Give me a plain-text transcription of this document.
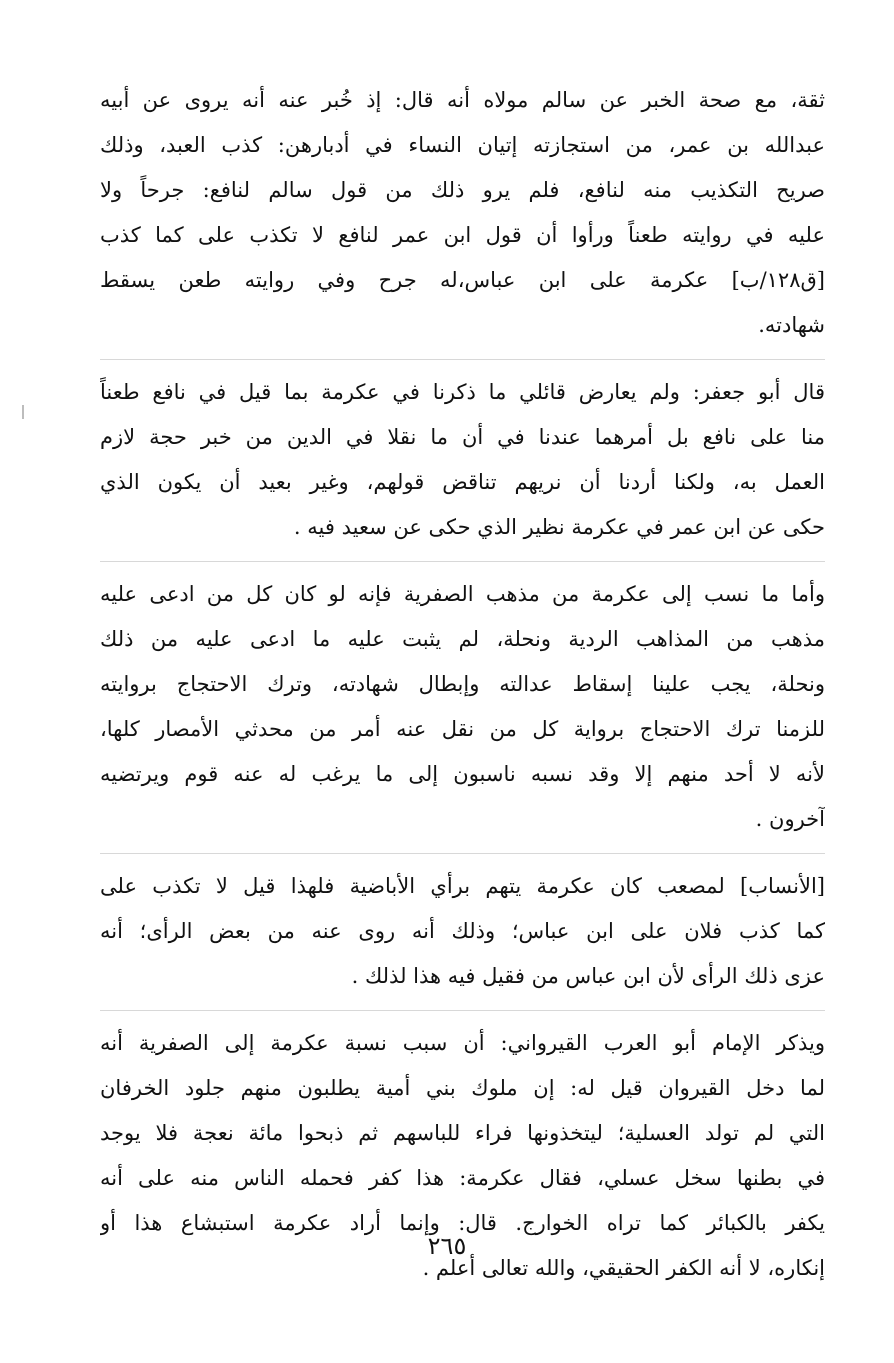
ثقة، مع صحة الخبر عن سالم مولاه أنه قال: إذ خُبر عنه أنه يروى عن أبيه
عبدالله بن عمر، من استجازته إتيان النساء في أدبارهن: كذب العبد، وذلك
صريح التكذيب منه لنافع، فلم يرو ذلك من قول سالم لنافع: جرحاً ولا
عليه في روايته طعناً ورأوا أن قول ابن عمر لنافع لا تكذب على كما كذب
[ق١٢٨/ب] عكرمة على ابن عباس،له جرح وفي روايته طعن يسقط
شهادته.

قال أبو جعفر: ولم يعارض قائلي ما ذكرنا في عكرمة بما قيل في نافع طعناً
منا على نافع بل أمرهما عندنا في أن ما نقلا في الدين من خبر حجة لازم
العمل به، ولكنا أردنا أن نريهم تناقض قولهم، وغير بعيد أن يكون الذي
حكى عن ابن عمر في عكرمة نظير الذي حكى عن سعيد فيه .

وأما ما نسب إلى عكرمة من مذهب الصفرية فإنه لو كان كل من ادعى عليه
مذهب من المذاهب الردية ونحلة، لم يثبت عليه ما ادعى عليه من ذلك
ونحلة، يجب علينا إسقاط عدالته وإبطال شهادته، وترك الاحتجاج بروايته
للزمنا ترك الاحتجاج برواية كل من نقل عنه أمر من محدثي الأمصار كلها،
لأنه لا أحد منهم إلا وقد نسبه ناسبون إلى ما يرغب له عنه قوم ويرتضيه
آخرون .

[الأنساب] لمصعب كان عكرمة يتهم برأي الأباضية فلهذا قيل لا تكذب على
كما كذب فلان على ابن عباس؛ وذلك أنه روى عنه من بعض الرأى؛ أنه
عزى ذلك الرأى لأن ابن عباس من فقيل فيه هذا لذلك .

ويذكر الإمام أبو العرب القيرواني: أن سبب نسبة عكرمة إلى الصفرية أنه
لما دخل القيروان قيل له: إن ملوك بني أمية يطلبون منهم جلود الخرفان
التي لم تولد العسلية؛ ليتخذونها فراء للباسهم ثم ذبحوا مائة نعجة فلا يوجد
في بطنها سخل عسلي، فقال عكرمة: هذا كفر فحمله الناس منه على أنه
يكفر بالكبائر كما تراه الخوارج. قال: وإنما أراد عكرمة استبشاع هذا أو
إنكاره، لا أنه الكفر الحقيقي، والله تعالى أعلم .

٢٦٥
